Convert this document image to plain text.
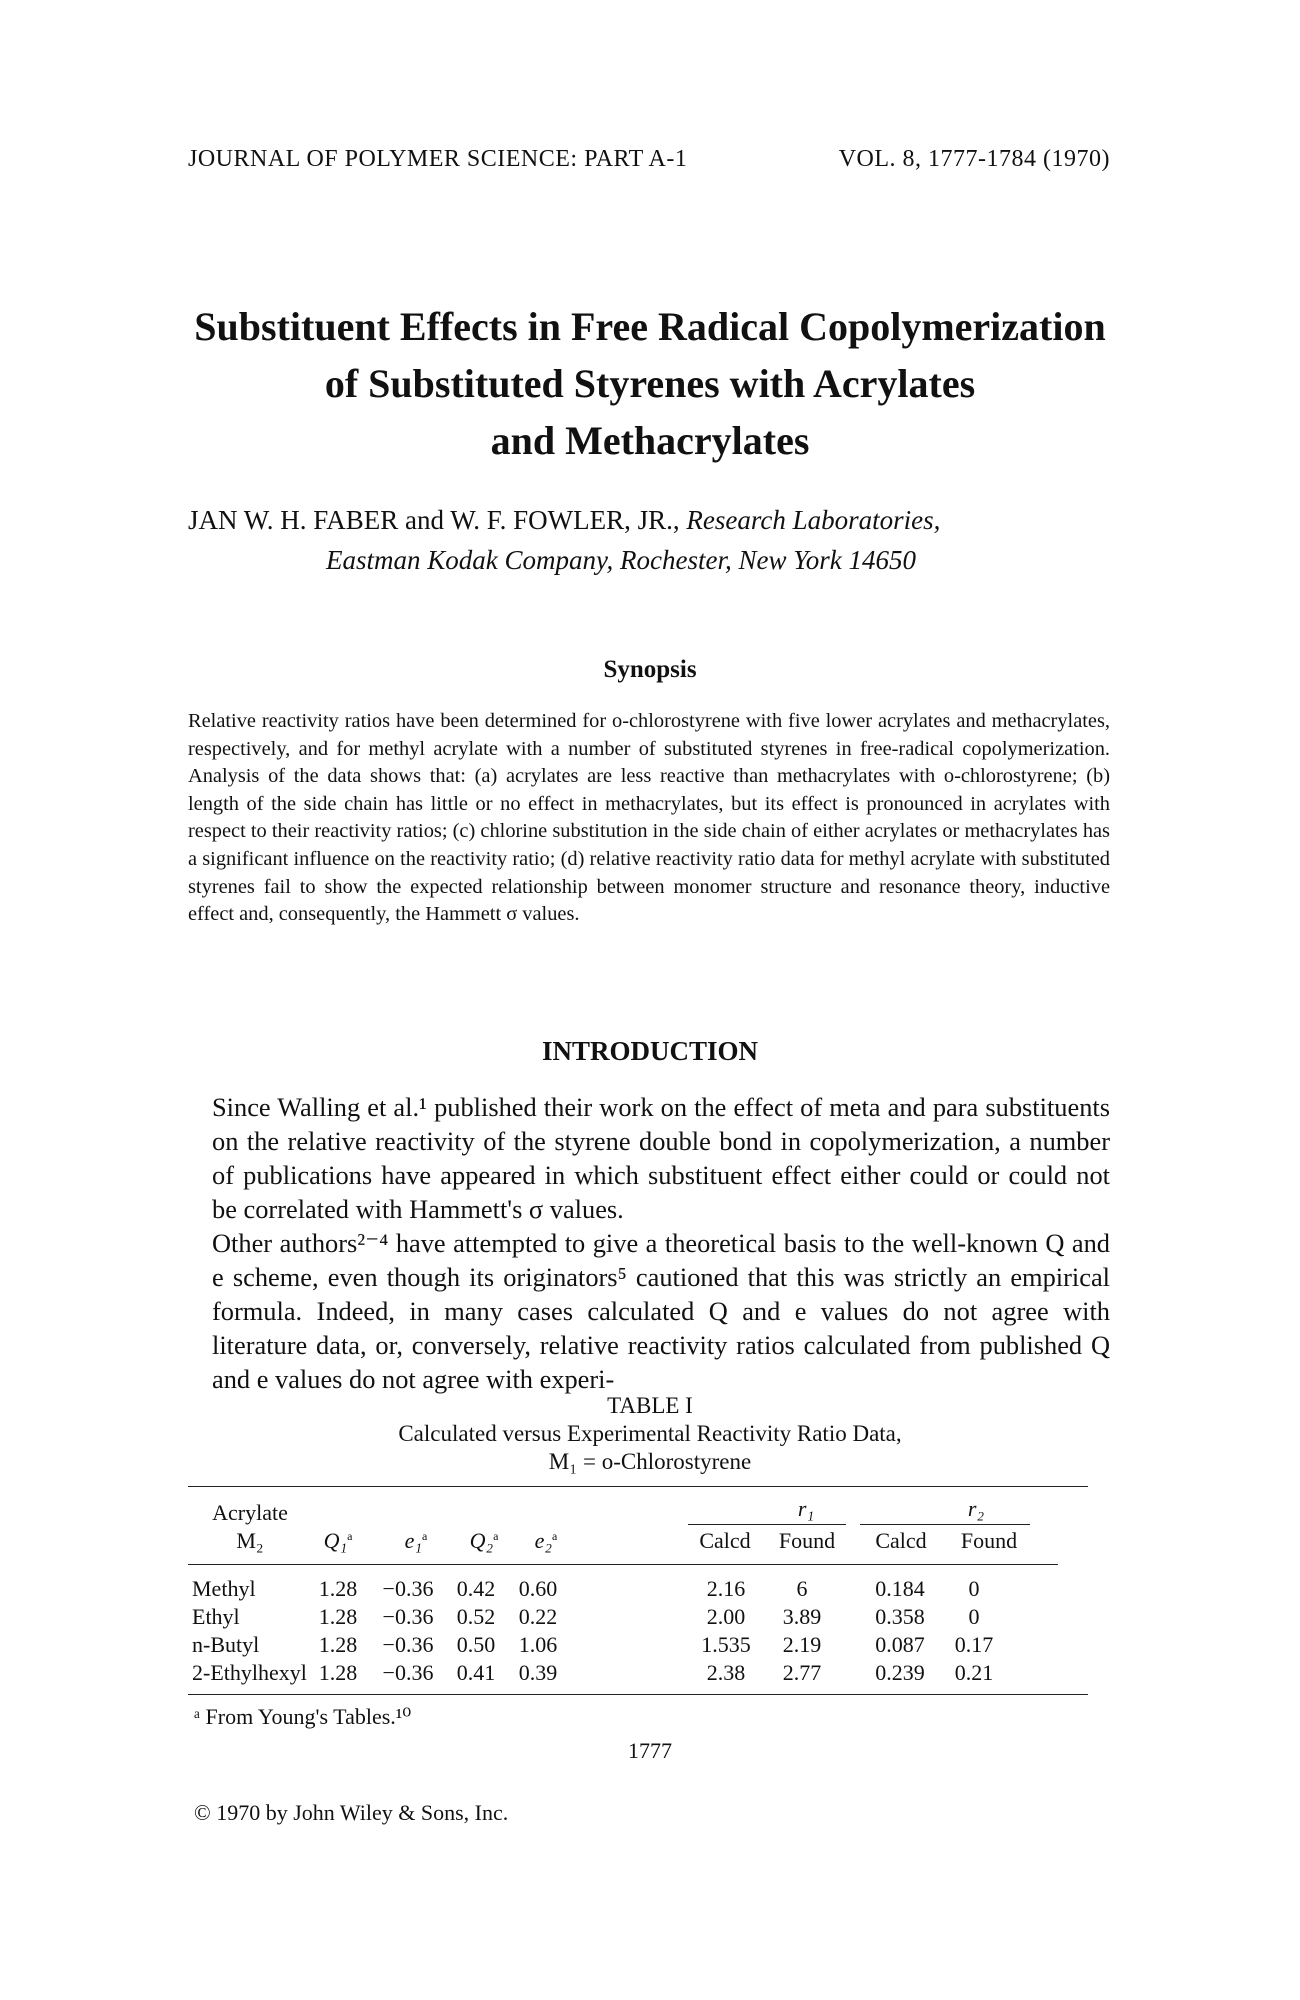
JOURNAL OF POLYMER SCIENCE: PART A-1	VOL. 8, 1777-1784 (1970)
Substituent Effects in Free Radical Copolymerization
of Substituted Styrenes with Acrylates
and Methacrylates
JAN W. H. FABER and W. F. FOWLER, JR., Research Laboratories,
Eastman Kodak Company, Rochester, New York 14650
Synopsis
Relative reactivity ratios have been determined for o-chlorostyrene with five lower acrylates and methacrylates, respectively, and for methyl acrylate with a number of substituted styrenes in free-radical copolymerization. Analysis of the data shows that: (a) acrylates are less reactive than methacrylates with o-chlorostyrene; (b) length of the side chain has little or no effect in methacrylates, but its effect is pronounced in acrylates with respect to their reactivity ratios; (c) chlorine substitution in the side chain of either acrylates or methacrylates has a significant influence on the reactivity ratio; (d) relative reactivity ratio data for methyl acrylate with substituted styrenes fail to show the expected relationship between monomer structure and resonance theory, inductive effect and, consequently, the Hammett σ values.
INTRODUCTION

Since Walling et al.¹ published their work on the effect of meta and para substituents on the relative reactivity of the styrene double bond in copolymerization, a number of publications have appeared in which substituent effect either could or could not be correlated with Hammett's σ values.

Other authors²⁻⁴ have attempted to give a theoretical basis to the well-known Q and e scheme, even though its originators⁵ cautioned that this was strictly an empirical formula. Indeed, in many cases calculated Q and e values do not agree with literature data, or, conversely, relative reactivity ratios calculated from published Q and e values do not agree with experi-

TABLE I
Calculated versus Experimental Reactivity Ratio Data,
M₁ = o-Chlorostyrene
Acrylate	r₁	r₂
M₂	Q₁$^a$	e₁$^a$	Q₂$^a$	e₂$^a$	Calcd	Found	Calcd	Found
Methyl	1.28	−0.36	0.42	0.60	2.16	6	0.184	0
Ethyl	1.28	−0.36	0.52	0.22	2.00	3.89	0.358	0
n-Butyl	1.28	−0.36	0.50	1.06	1.535	2.19	0.087	0.17
2-Ethylhexyl 1.28	−0.36	0.41	0.39	2.38	2.77	0.239	0.21
ᵃ From Young's Tables.¹⁰
1777
© 1970 by John Wiley & Sons, Inc.
